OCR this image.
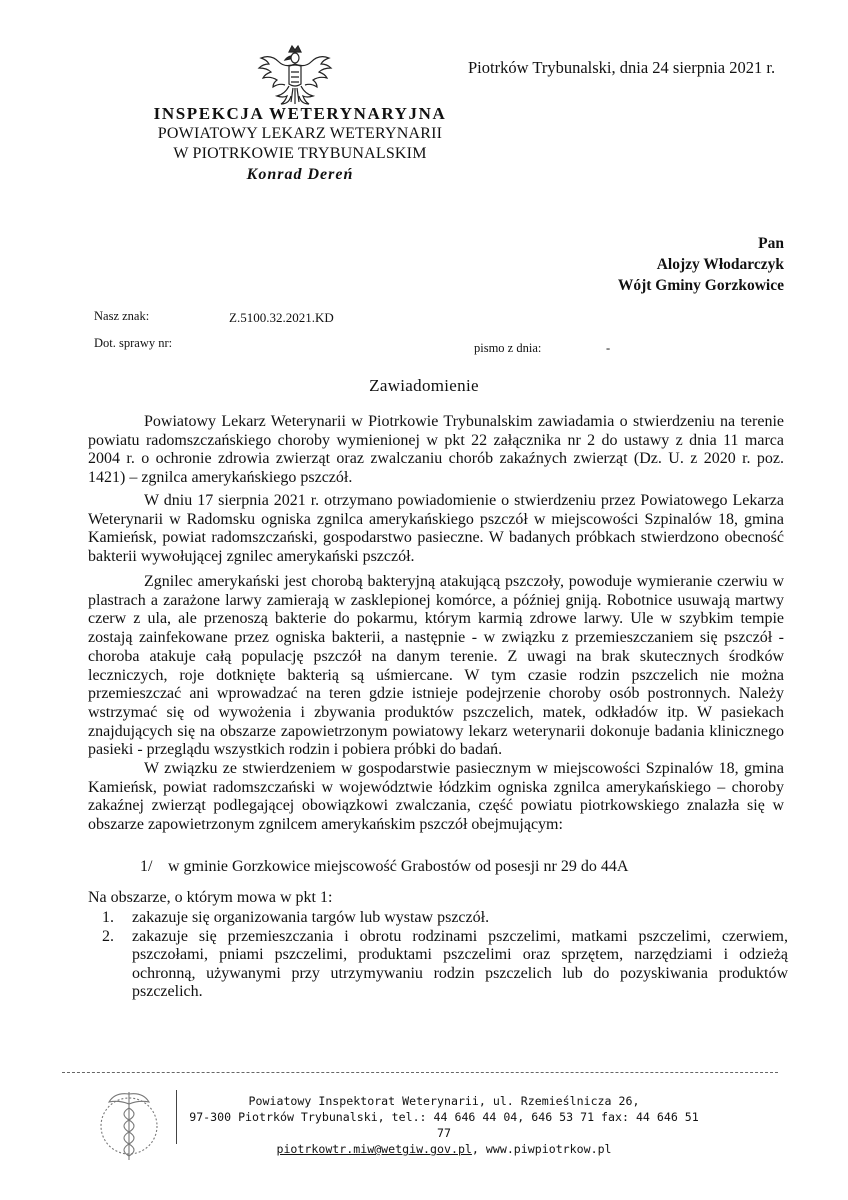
Piotrków Trybunalski, dnia 24 sierpnia 2021 r.
INSPEKCJA WETERYNARYJNA
POWIATOWY LEKARZ WETERYNARII
W PIOTRKOWIE TRYBUNALSKIM
Konrad Dereń
Pan
Alojzy Włodarczyk
Wójt Gminy Gorzkowice
Nasz znak:	Z.5100.32.2021.KD
Dot. sprawy nr:	pismo z dnia:	-
Zawiadomienie

Powiatowy Lekarz Weterynarii w Piotrkowie Trybunalskim zawiadamia o stwierdzeniu na terenie powiatu radomszczańskiego choroby wymienionej w pkt 22 załącznika nr 2 do ustawy z dnia 11 marca 2004 r. o ochronie zdrowia zwierząt oraz zwalczaniu chorób zakaźnych zwierząt (Dz. U. z 2020 r. poz. 1421) – zgnilca amerykańskiego pszczół.

W dniu 17 sierpnia 2021 r. otrzymano powiadomienie o stwierdzeniu przez Powiatowego Lekarza Weterynarii w Radomsku ogniska zgnilca amerykańskiego pszczół w miejscowości Szpinalów 18, gmina Kamieńsk, powiat radomszczański, gospodarstwo pasieczne. W badanych próbkach stwierdzono obecność bakterii wywołującej zgnilec amerykański pszczół.

Zgnilec amerykański jest chorobą bakteryjną atakującą pszczoły, powoduje wymieranie czerwiu w plastrach a zarażone larwy zamierają w zasklepionej komórce, a później gniją. Robotnice usuwają martwy czerw z ula, ale przenoszą bakterie do pokarmu, którym karmią zdrowe larwy. Ule w szybkim tempie zostają zainfekowane przez ogniska bakterii, a następnie - w związku z przemieszczaniem się pszczół - choroba atakuje całą populację pszczół na danym terenie. Z uwagi na brak skutecznych środków leczniczych, roje dotknięte bakterią są uśmiercane. W tym czasie rodzin pszczelich nie można przemieszczać ani wprowadzać na teren gdzie istnieje podejrzenie choroby osób postronnych. Należy wstrzymać się od wywożenia i zbywania produktów pszczelich, matek, odkładów itp. W pasiekach znajdujących się na obszarze zapowietrzonym powiatowy lekarz weterynarii dokonuje badania klinicznego pasieki - przeglądu wszystkich rodzin i pobiera próbki do badań.

W związku ze stwierdzeniem w gospodarstwie pasiecznym w miejscowości Szpinalów 18, gmina Kamieńsk, powiat radomszczański w województwie łódzkim ogniska zgnilca amerykańskiego – choroby zakaźnej zwierząt podlegającej obowiązkowi zwalczania, część powiatu piotrkowskiego znalazła się w obszarze zapowietrzonym zgnilcem amerykańskim pszczół obejmującym:

1/ w gminie Gorzkowice miejscowość Grabostów od posesji nr 29 do 44A
Na obszarze, o którym mowa w pkt 1:
1.	zakazuje się organizowania targów lub wystaw pszczół.
2.	zakazuje się przemieszczania i obrotu rodzinami pszczelimi, matkami pszczelimi, czerwiem, pszczołami, pniami pszczelimi, produktami pszczelimi oraz sprzętem, narzędziami i odzieżą ochronną, używanymi przy utrzymywaniu rodzin pszczelich lub do pozyskiwania produktów pszczelich.
Powiatowy Inspektorat Weterynarii, ul. Rzemieślnicza 26,
97-300 Piotrków Trybunalski, tel.: 44 646 44 04, 646 53 71 fax: 44 646 51 77
piotrkowtr.miw@wetgiw.gov.pl, www.piwpiotrkow.pl
